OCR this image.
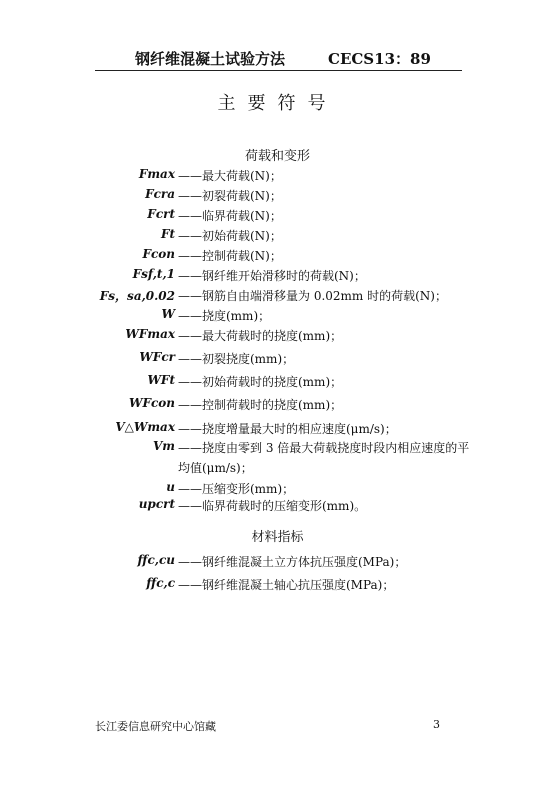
钢纤维混凝土试验方法	CECS13：89
主要符号
荷载和变形
Fmax ——最大荷载(N)；
Fcra ——初裂荷载(N)；
Fcrt ——临界荷载(N)；
Ft ——初始荷载(N)；
Fcon ——控制荷载(N)；
Fsf,t,1 ——钢纤维开始滑移时的荷载(N)；
Fs，sa,0.02 ——钢筋自由端滑移量为 0.02mm 时的荷载(N)；
W ——挠度(mm)；
WFmax ——最大荷载时的挠度(mm)；
WFcr ——初裂挠度(mm)；
WFt ——初始荷载时的挠度(mm)；
WFcon ——控制荷载时的挠度(mm)；
V△Wmax ——挠度增量最大时的相应速度(μm/s)；
Vm ——挠度由零到 3 倍最大荷载挠度时段内相应速度的平
均值(μm/s)；
u ——压缩变形(mm)；
upcrt ——临界荷载时的压缩变形(mm)。
材料指标
ffc,cu ——钢纤维混凝土立方体抗压强度(MPa)；
ffc,c ——钢纤维混凝土轴心抗压强度(MPa)；
长江委信息研究中心馆藏	3
